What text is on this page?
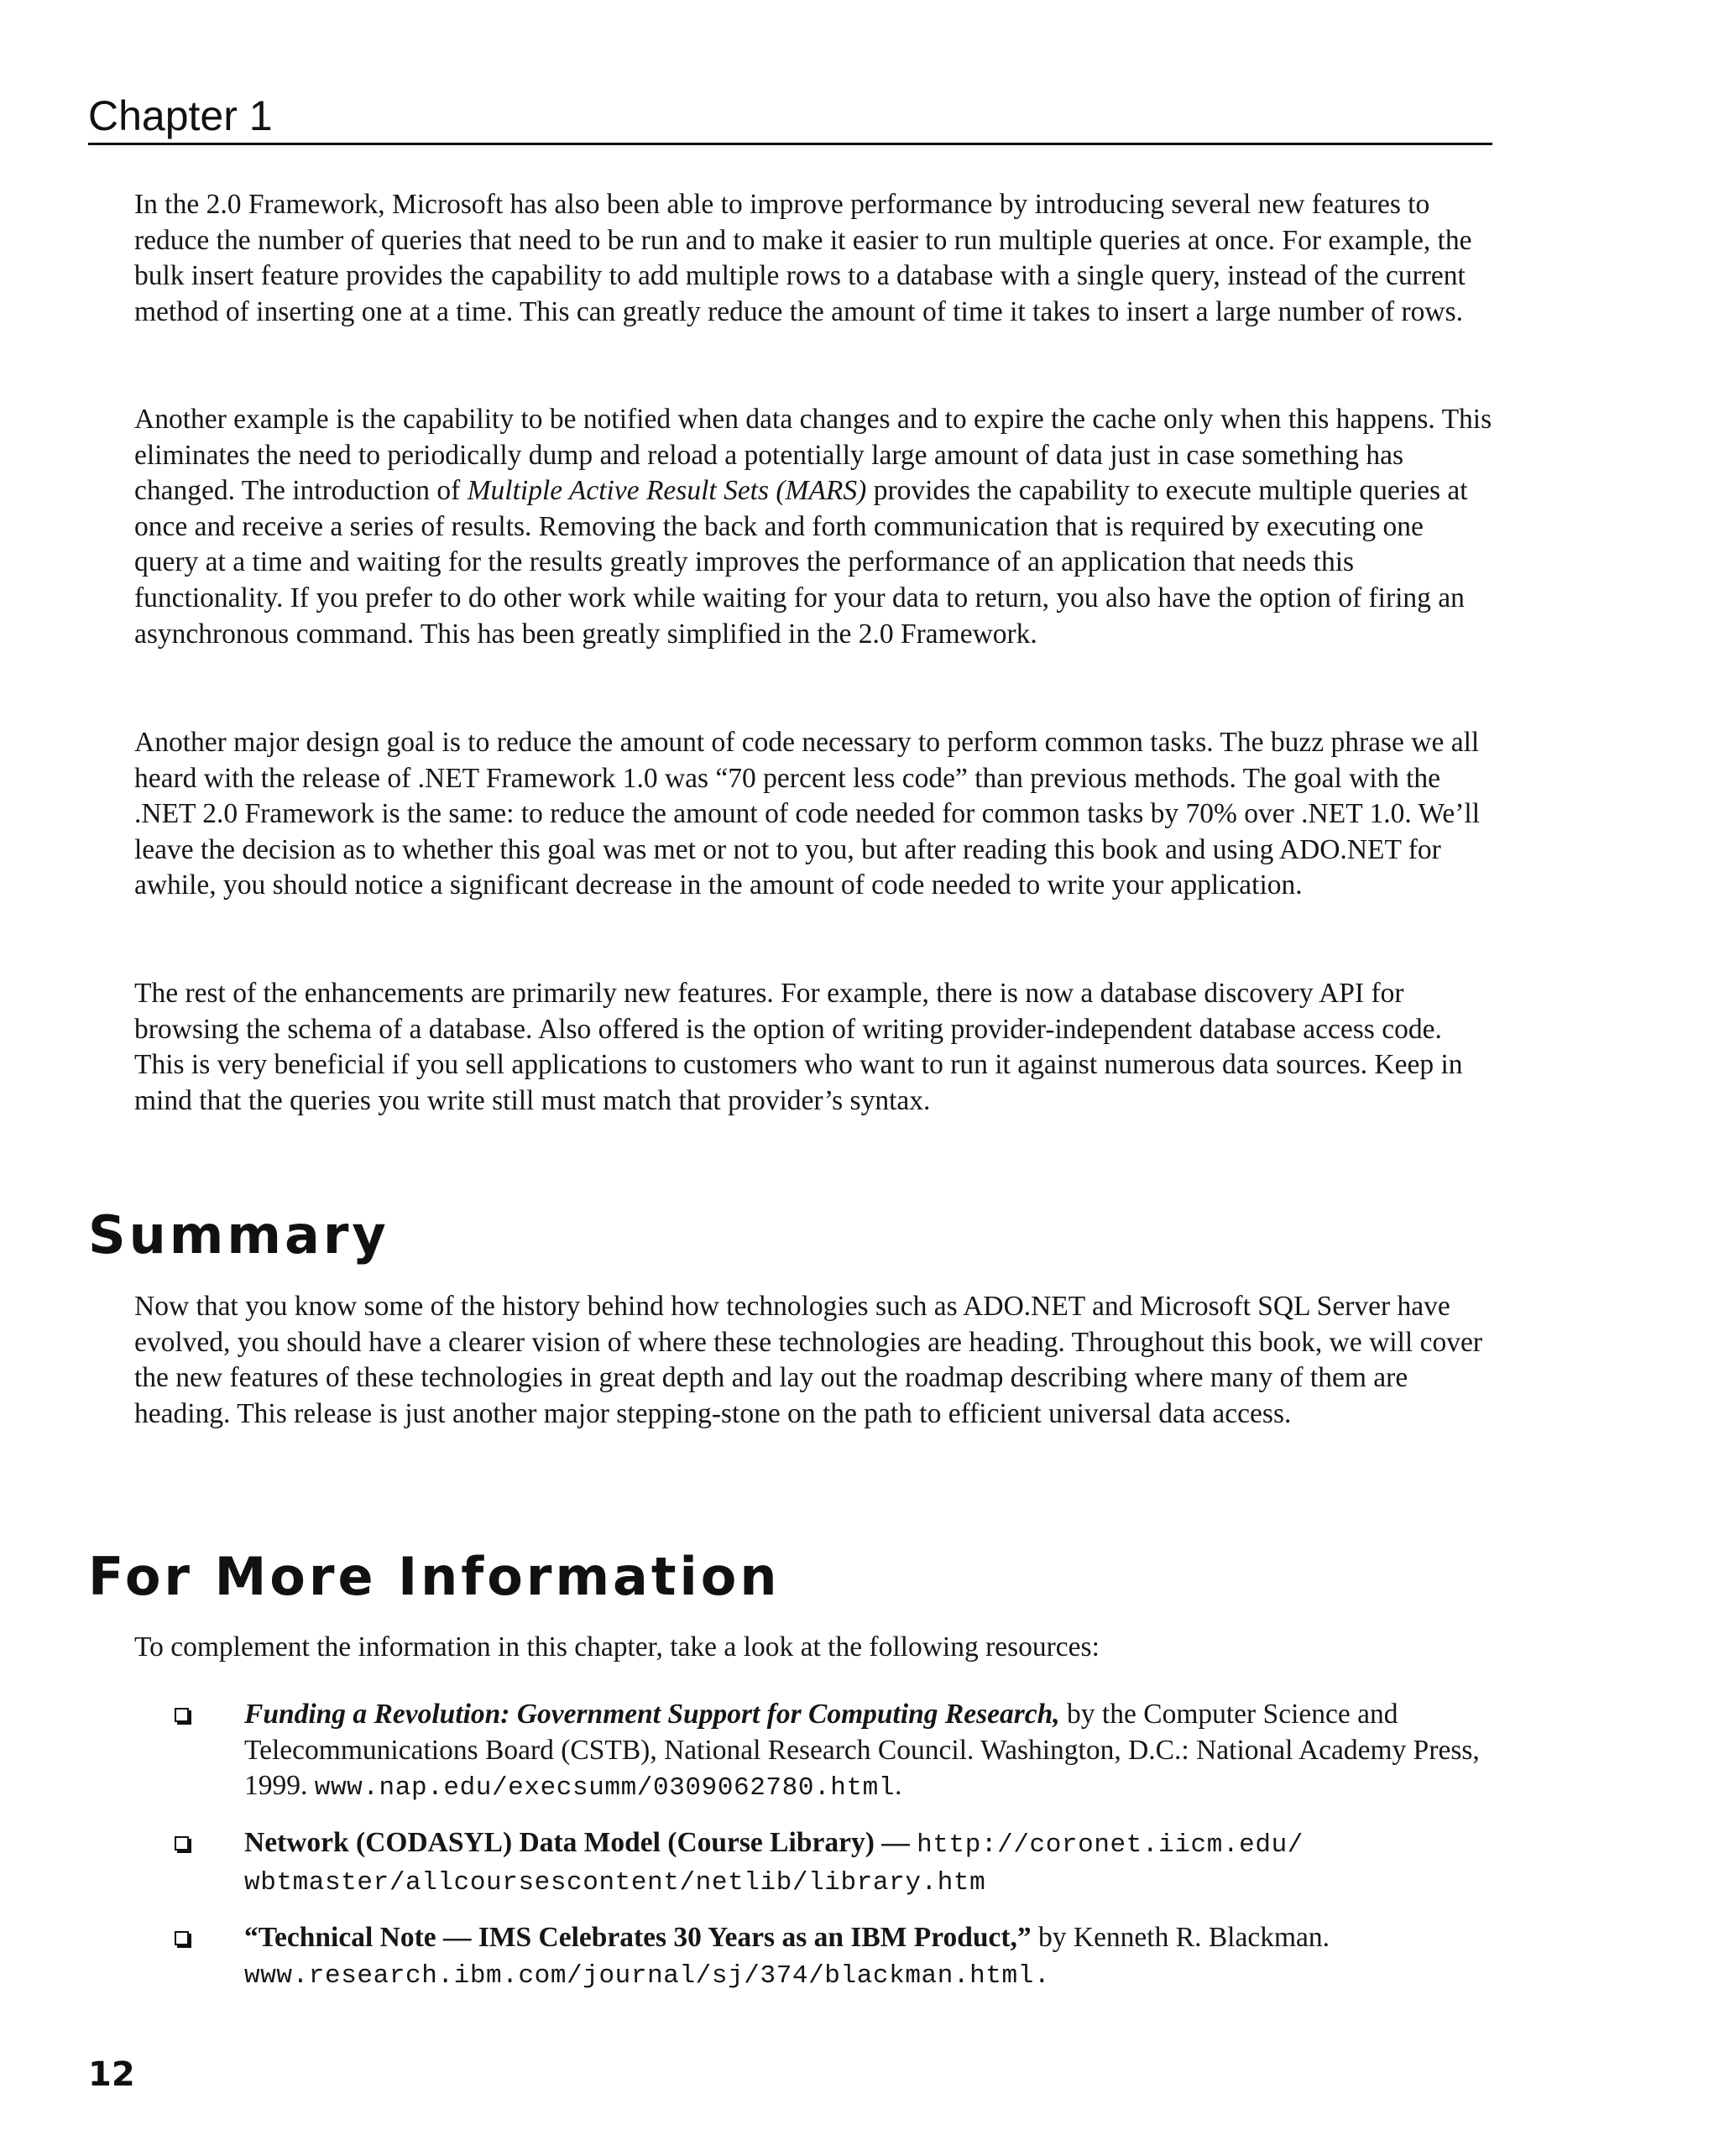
Chapter 1

In the 2.0 Framework, Microsoft has also been able to improve performance by introducing several new features to reduce the number of queries that need to be run and to make it easier to run multiple queries at once. For example, the bulk insert feature provides the capability to add multiple rows to a database with a single query, instead of the current method of inserting one at a time. This can greatly reduce the amount of time it takes to insert a large number of rows.

Another example is the capability to be notified when data changes and to expire the cache only when this happens. This eliminates the need to periodically dump and reload a potentially large amount of data just in case something has changed. The introduction of Multiple Active Result Sets (MARS) provides the capability to execute multiple queries at once and receive a series of results. Removing the back and forth communication that is required by executing one query at a time and waiting for the results greatly improves the performance of an application that needs this functionality. If you prefer to do other work while waiting for your data to return, you also have the option of firing an asynchronous command. This has been greatly simplified in the 2.0 Framework.

Another major design goal is to reduce the amount of code necessary to perform common tasks. The buzz phrase we all heard with the release of .NET Framework 1.0 was “70 percent less code” than previous methods. The goal with the .NET 2.0 Framework is the same: to reduce the amount of code needed for common tasks by 70% over .NET 1.0. We’ll leave the decision as to whether this goal was met or not to you, but after reading this book and using ADO.NET for awhile, you should notice a significant decrease in the amount of code needed to write your application.

The rest of the enhancements are primarily new features. For example, there is now a database discovery API for browsing the schema of a database. Also offered is the option of writing provider-independent database access code. This is very beneficial if you sell applications to customers who want to run it against numerous data sources. Keep in mind that the queries you write still must match that provider’s syntax.

Summary

Now that you know some of the history behind how technologies such as ADO.NET and Microsoft SQL Server have evolved, you should have a clearer vision of where these technologies are heading. Throughout this book, we will cover the new features of these technologies in great depth and lay out the roadmap describing where many of them are heading. This release is just another major stepping-stone on the path to efficient universal data access.

For More Information

To complement the information in this chapter, take a look at the following resources:

Funding a Revolution: Government Support for Computing Research, by the Computer Science and Telecommunications Board (CSTB), National Research Council. Washington, D.C.: National Academy Press, 1999. www.nap.edu/execsumm/0309062780.html.
Network (CODASYL) Data Model (Course Library) — http://coronet.iicm.edu/
wbtmaster/allcoursescontent/netlib/library.htm
“Technical Note — IMS Celebrates 30 Years as an IBM Product,” by Kenneth R. Blackman.
www.research.ibm.com/journal/sj/374/blackman.html.
12
